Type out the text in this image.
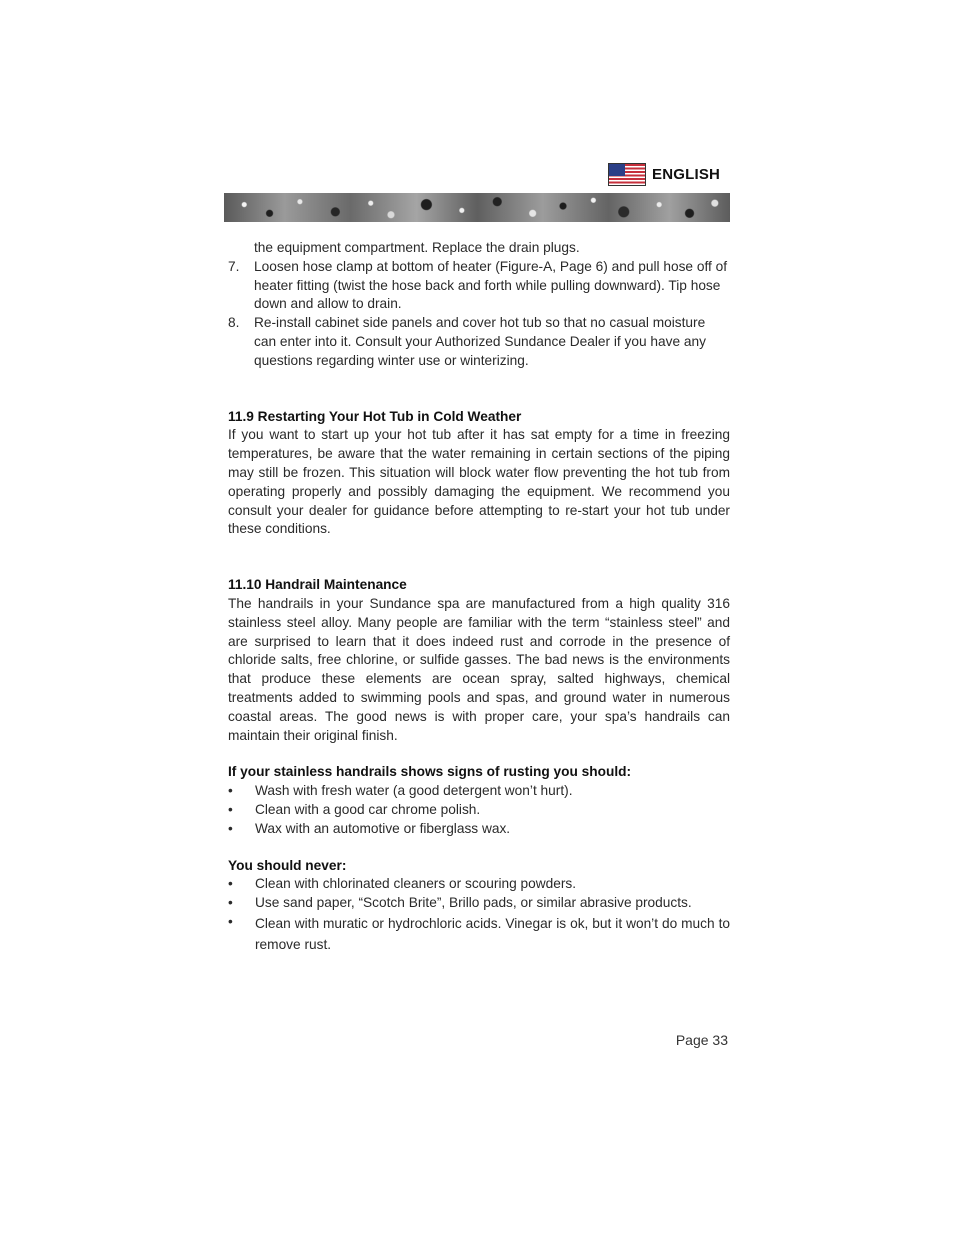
ENGLISH

the equipment compartment. Replace the drain plugs.

7.	Loosen hose clamp at bottom of heater (Figure-A, Page 6) and pull hose off of heater fitting (twist the hose back and forth while pulling downward). Tip hose down and allow to drain.
8.	Re-install cabinet side panels and cover hot tub so that no casual moisture can enter into it. Consult your Authorized Sundance Dealer if you have any questions regarding winter use or winterizing.
11.9 Restarting Your Hot Tub in Cold Weather

If you want to start up your hot tub after it has sat empty for a time in freezing temperatures, be aware that the water remaining in certain sections of the piping may still be frozen. This situation will block water flow preventing the hot tub from operating properly and possibly damaging the equipment. We recommend you consult your dealer for guidance before attempting to re-start your hot tub under these conditions.

11.10 Handrail Maintenance

The handrails in your Sundance spa are manufactured from a high quality 316 stainless steel alloy. Many people are familiar with the term “stainless steel” and are surprised to learn that it does indeed rust and corrode in the presence of chloride salts, free chlorine, or sulfide gasses. The bad news is the environments that produce these elements are ocean spray, salted highways, chemical treatments added to swimming pools and spas, and ground water in numerous coastal areas. The good news is with proper care, your spa’s handrails can maintain their original finish.

If your stainless handrails shows signs of rusting you should:
•	Wash with fresh water (a good detergent won’t hurt).
•	Clean with a good car chrome polish.
•	Wax with an automotive or fiberglass wax.
You should never:
•	Clean with chlorinated cleaners or scouring powders.
•	Use sand paper, “Scotch Brite”, Brillo pads, or similar abrasive products.
•	Clean with muratic or hydrochloric acids. Vinegar is ok, but it won’t do much to remove rust.
Page 33
